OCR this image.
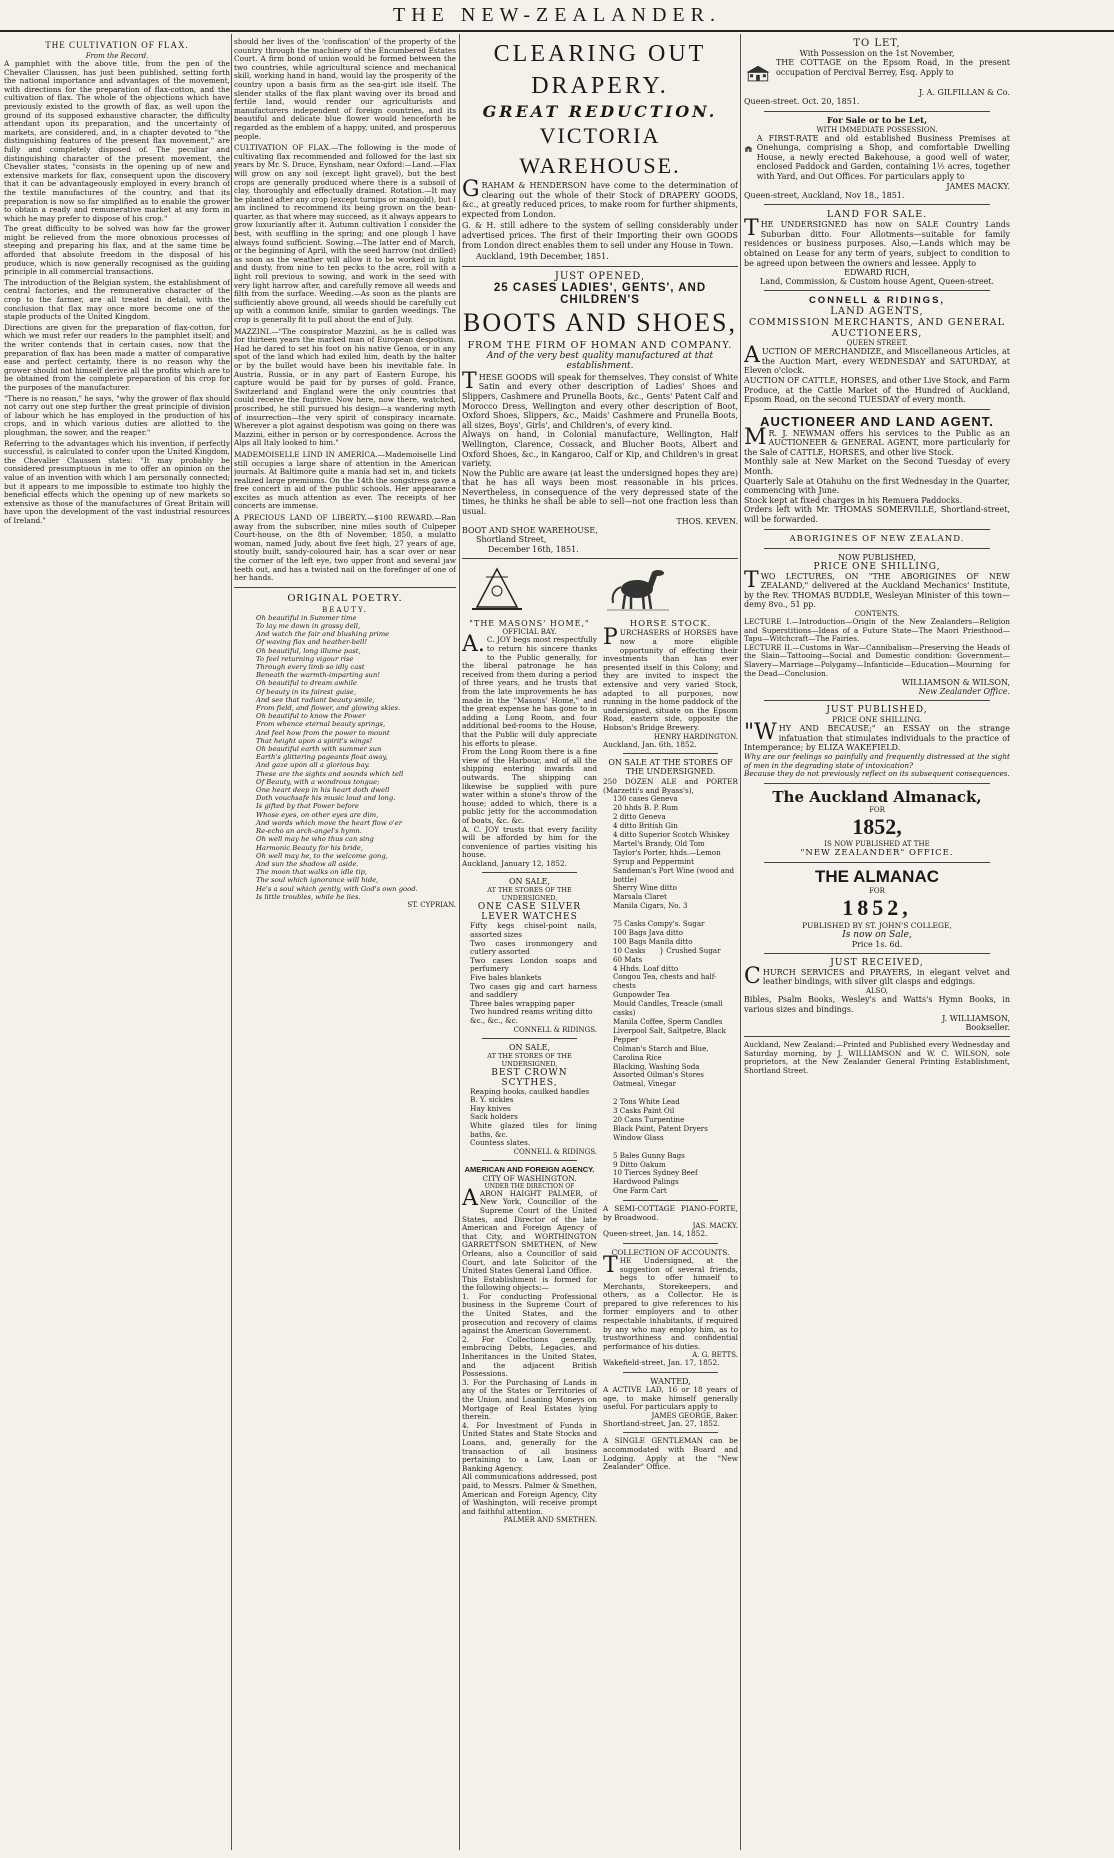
THE NEW-ZEALANDER.
THE CULTIVATION OF FLAX.
From the Record.

A pamphlet with the above title, from the pen of the Chevalier Claussen, has just been published, setting forth the national importance and advantages of the movement, with directions for the preparation of flax-cotton, and the cultivation of flax. The whole of the objections which have previously existed to the growth of flax, as well upon the ground of its supposed exhaustive character, the difficulty attendant upon its preparation, and the uncertainty of markets, are considered, and, in a chapter devoted to "the distinguishing features of the present flax movement," are fully and completely disposed of. The peculiar and distinguishing character of the present movement, the Chevalier states, "consists in the opening up of new and extensive markets for flax, consequent upon the discovery that it can be advantageously employed in every branch of the textile manufactures of the country, and that its preparation is now so far simplified as to enable the grower to obtain a ready and remunerative market at any form in which he may prefer to dispose of his crop."

The great difficulty to be solved was how far the grower might be relieved from the more obnoxious processes of steeping and preparing his flax, and at the same time be afforded that absolute freedom in the disposal of his produce, which is now generally recognised as the guiding principle in all commercial transactions.

The introduction of the Belgian system, the establishment of central factories, and the remunerative character of the crop to the farmer, are all treated in detail, with the conclusion that flax may once more become one of the staple products of the United Kingdom.

Directions are given for the preparation of flax-cotton, for which we must refer our readers to the pamphlet itself; and the writer contends that in certain cases, now that the preparation of flax has been made a matter of comparative ease and perfect certainty, there is no reason why the grower should not himself derive all the profits which are to be obtained from the complete preparation of his crop for the purposes of the manufacturer.

"There is no reason," he says, "why the grower of flax should not carry out one step further the great principle of division of labour which he has employed in the production of his crops, and in which various duties are allotted to the ploughman, the sower, and the reaper."

Referring to the advantages which his invention, if perfectly successful, is calculated to confer upon the United Kingdom, the Chevalier Claussen states: "It may probably be considered presumptuous in me to offer an opinion on the value of an invention with which I am personally connected; but it appears to me impossible to estimate too highly the beneficial effects which the opening up of new markets so extensive as those of the manufactures of Great Britain will have upon the development of the vast industrial resources of Ireland."

should her lives of the 'confiscation' of the property of the country through the machinery of the Encumbered Estates Court. A firm bond of union would be formed between the two countries, while agricultural science and mechanical skill, working hand in hand, would lay the prosperity of the country upon a basis firm as the sea-girt isle itself. The slender stalks of the flax plant waving over its broad and fertile land, would render our agriculturists and manufacturers independent of foreign countries, and its beautiful and delicate blue flower would henceforth be regarded as the emblem of a happy, united, and prosperous people.

CULTIVATION OF FLAX.—The following is the mode of cultivating flax recommended and followed for the last six years by Mr. S. Druce, Eynsham, near Oxford:—Land.—Flax will grow on any soil (except light gravel), but the best crops are generally produced where there is a subsoil of clay, thoroughly and effectually drained. Rotation.—It may be planted after any crop (except turnips or mangold), but I am inclined to recommend its being grown on the bean-quarter, as that where may succeed, as it always appears to grow luxuriantly after it. Autumn cultivation I consider the best, with scuffling in the spring; and one plough I have always found sufficient. Sowing.—The latter end of March, or the beginning of April, with the seed harrow (not drilled) as soon as the weather will allow it to be worked in light and dusty, from nine to ten pecks to the acre, roll with a light roll previous to sowing, and work in the seed with very light harrow after, and carefully remove all weeds and filth from the surface. Weeding.—As soon as the plants are sufficiently above ground, all weeds should be carefully cut up with a common knife, similar to garden weedings. The crop is generally fit to pull about the end of July.

MAZZINI.—"The conspirator Mazzini, as he is called was for thirteen years the marked man of European despotism. Had he dared to set his foot on his native Genoa, or in any spot of the land which had exiled him, death by the halter or by the bullet would have been his inevitable fate. In Austria, Russia, or in any part of Eastern Europe, his capture would be paid for by purses of gold. France, Switzerland and England were the only countries that could receive the fugitive. Now here, now there, watched, proscribed, he still pursued his design—a wandering myth of insurrection—the very spirit of conspiracy incarnate. Wherever a plot against despotism was going on there was Mazzini, either in person or by correspondence. Across the Alps all Italy looked to him."

MADEMOISELLE LIND IN AMERICA.—Mademoiselle Lind still occupies a large share of attention in the American journals. At Baltimore quite a mania had set in, and tickets realized large premiums. On the 14th the songstress gave a free concert in aid of the public schools. Her appearance excites as much attention as ever. The receipts of her concerts are immense.

A PRECIOUS LAND OF LIBERTY.—$100 REWARD.—Ran away from the subscriber, nine miles south of Culpeper Court-house, on the 8th of November, 1850, a mulatto woman, named Judy, about five feet high, 27 years of age, stoutly built, sandy-coloured hair, has a scar over or near the corner of the left eye, two upper front and several jaw teeth out, and has a twisted nail on the forefinger of one of her hands.

ORIGINAL POETRY.
BEAUTY.
Oh beautiful in Summer time
To lay me down in grassy dell,
And watch the fair and blushing prime
Of waving flax and heather-bell!
Oh beautiful, long illume past,
To feel returning vigour rise
Through every limb so idly cast
Beneath the warmth-imparting sun!
Oh beautiful to dream awhile
Of beauty in its fairest guise,
And see that radiant beauty smile,
From field, and flower, and glowing skies.
Oh beautiful to know the Power
From whence eternal beauty springs,
And feel how from the power to mount
That height upon a spirit's wings!
Oh beautiful earth with summer sun
Earth's glittering pageants float away,
And gaze upon all a glorious bay.
These are the sights and sounds which tell
Of Beauty, with a wondrous tongue;
One heart deep in his heart doth dwell
Doth vouchsafe his music loud and long.
Is gifted by that Power before
Whose eyes, on other eyes are dim,
And words which move the heart flow o'er
Re-echo an arch-angel's hymn.
Oh well may he who thus can sing
Harmonic Beauty for his bride,
Oh well may he, to the welcome gong,
And sun the shadow all aside.
The moon that walks on idle tip,
The soul which ignorance will hide,
He's a soul which gently, with God's own good.
Is little troubles, while he lies.
ST. CYPRIAN.
CLEARING OUT DRAPERY.
GREAT REDUCTION.
VICTORIA WAREHOUSE.

GRAHAM & HENDERSON have come to the determination of clearing out the whole of their Stock of DRAPERY GOODS, &c., at greatly reduced prices, to make room for further shipments, expected from London.

G. & H. still adhere to the system of selling considerably under advertised prices. The first of their Importing their own GOODS from London direct enables them to sell under any House in Town.

Auckland, 19th December, 1851.

JUST OPENED,
25 CASES LADIES', GENTS', AND CHILDREN'S
BOOTS AND SHOES,
FROM THE FIRM OF HOMAN AND COMPANY.
And of the very best quality manufactured at that establishment.

THESE GOODS will speak for themselves. They consist of White Satin and every other description of Ladies' Shoes and Slippers, Cashmere and Prunella Boots, &c., Gents' Patent Calf and Morocco Dress, Wellington and every other description of Boot, Oxford Shoes, Slippers, &c., Maids' Cashmere and Prunella Boots, all sizes, Boys', Girls', and Children's, of every kind.

Always on hand, in Colonial manufacture, Wellington, Half Wellington, Clarence, Cossack, and Blucher Boots, Albert and Oxford Shoes, &c., in Kangaroo, Calf or Kip, and Children's in great variety.

Now the Public are aware (at least the undersigned hopes they are) that he has all ways been most reasonable in his prices. Nevertheless, in consequence of the very depressed state of the times, he thinks he shall be able to sell—not one fraction less than usual.

THOS. KEVEN.
BOOT AND SHOE WAREHOUSE,
Shortland Street,
December 16th, 1851.
"THE MASONS' HOME,"
OFFICIAL BAY.

A.C. JOY begs most respectfully to return his sincere thanks to the Public generally, for the liberal patronage he has received from them during a period of three years, and he trusts that from the late improvements he has made in the "Masons' Home," and the great expense he has gone to in adding a Long Room, and four additional bed-rooms to the House, that the Public will duly appreciate his efforts to please.

From the Long Room there is a fine view of the Harbour, and of all the shipping entering inwards and outwards. The shipping can likewise be supplied with pure water within a stone's throw of the house; added to which, there is a public jetty for the accommodation of boats, &c. &c.

A. C. JOY trusts that every facility will be afforded by him for the convenience of parties visiting his house.

Auckland, January 12, 1852.
ON SALE,
AT THE STORES OF THE UNDERSIGNED,
ONE CASE SILVER LEVER WATCHES
Fifty kegs chisel-point nails, assorted sizes
Two cases ironmongery and cutlery assorted
Two cases London soaps and perfumery
Five bales blankets
Two cases gig and cart harness and saddlery
Three bales wrapping paper
Two hundred reams writing ditto
&c., &c., &c.
CONNELL & RIDINGS.
ON SALE,
AT THE STORES OF THE UNDERSIGNED,
BEST CROWN SCYTHES,
Reaping hooks, caulked handles
B. Y. sickles
Hay knives
Sack holders
White glazed tiles for lining baths, &c.
Countess slates.
CONNELL & RIDINGS.
AMERICAN AND FOREIGN AGENCY.
CITY OF WASHINGTON.
UNDER THE DIRECTION OF

AARON HAIGHT PALMER, of New York, Councillor of the Supreme Court of the United States, and Director of the late American and Foreign Agency of that City, and WORTHINGTON GARRETTSON SMETHEN, of New Orleans, also a Councillor of said Court, and late Solicitor of the United States General Land Office.

This Establishment is formed for the following objects:—

1. For conducting Professional business in the Supreme Court of the United States, and the prosecution and recovery of claims against the American Government.

2. For Collections generally, embracing Debts, Legacies, and Inheritances in the United States, and the adjacent British Possessions.

3. For the Purchasing of Lands in any of the States or Territories of the Union, and Loaning Moneys on Mortgage of Real Estates lying therein.

4. For Investment of Funds in United States and State Stocks and Loans, and, generally for the transaction of all business pertaining to a Law, Loan or Banking Agency.

All communications addressed, post paid, to Messrs. Palmer & Smethen, American and Foreign Agency, City of Washington, will receive prompt and faithful attention.

PALMER AND SMETHEN.
HORSE STOCK.

PURCHASERS of HORSES have now a more eligible opportunity of effecting their investments than has ever presented itself in this Colony; and they are invited to inspect the extensive and very varied Stock, adapted to all purposes, now running in the home paddock of the undersigned, situate on the Epsom Road, eastern side, opposite the Hobson's Bridge Brewery.

HENRY HARDINGTON.
Auckland, Jan. 6th, 1852.
ON SALE AT THE STORES OF THE UNDERSIGNED.

250 DOZEN ALE and PORTER (Marzetti's and Byass's),

130 cases Geneva
20 hhds B. P. Rum
2 ditto Geneva
4 ditto British Gin
4 ditto Superior Scotch Whiskey
Martel's Brandy, Old Tom
Taylor's Porter, hhds.—Lemon Syrup and Peppermint
Sandeman's Port Wine (wood and bottle)
Sherry Wine ditto
Marsala Claret
Manila Cigars, No. 3

75 Casks Compy's. Sugar
100 Bags Java ditto
100 Bags Manila ditto
10 Casks } Crushed Sugar
60 Mats
4 Hhds. Loaf ditto
Congou Tea, chests and half-chests
Gunpowder Tea
Mould Candles, Treacle (small casks)
Manila Coffee, Sperm Candles
Liverpool Salt, Saltpetre, Black Pepper
Colman's Starch and Blue, Carolina Rice
Blacking, Washing Soda
Assorted Oilman's Stores
Oatmeal, Vinegar

2 Tons White Lead
3 Casks Paint Oil
20 Cans Turpentine
Black Paint, Patent Dryers
Window Glass

5 Bales Gunny Bags
9 Ditto Oakum
10 Tierces Sydney Beef
Hardwood Palings
One Farm Cart

A SEMI-COTTAGE PIANO-FORTE, by Broadwood.

JAS. MACKY.
Queen-street, Jan. 14, 1852.
COLLECTION OF ACCOUNTS.

THE Undersigned, at the suggestion of several friends, begs to offer himself to Merchants, Storekeepers, and others, as a Collector. He is prepared to give references to his former employers and to other respectable inhabitants, if required by any who may employ him, as to trustworthiness and confidential performance of his duties.

A. G. BETTS.
Wakefield-street, Jan. 17, 1852.
WANTED,

A ACTIVE LAD, 16 or 18 years of age, to make himself generally useful. For particulars apply to

JAMES GEORGE, Baker.
Shortland-street, Jan. 27, 1852.

A SINGLE GENTLEMAN can be accommodated with Board and Lodging. Apply at the "New Zealander" Office.

TO LET,
With Possession on the 1st November,

THE COTTAGE on the Epsom Road, in the present occupation of Percival Berrey, Esq. Apply to

J. A. GILFILLAN & Co.
Queen-street. Oct. 20, 1851.
For Sale or to be Let,
WITH IMMEDIATE POSSESSION.

A FIRST-RATE and old established Business Premises at Onehunga, comprising a Shop, and comfortable Dwelling House, a newly erected Bakehouse, a good well of water, enclosed Paddock and Garden, containing 1½ acres, together with Yard, and Out Offices. For particulars apply to

JAMES MACKY.
Queen-street, Auckland, Nov 18., 1851.
LAND FOR SALE.

THE UNDERSIGNED has now on SALE Country Lands Suburban ditto. Four Allotments—suitable for family residences or business purposes. Also,—Lands which may be obtained on Lease for any term of years, subject to condition to be agreed upon between the owners and lessee. Apply to

EDWARD RICH,
Land, Commission, & Custom house Agent, Queen-street.
CONNELL & RIDINGS,
LAND AGENTS,
COMMISSION MERCHANTS, AND GENERAL AUCTIONEERS,
QUEEN STREET.

AUCTION OF MERCHANDIZE, and Miscellaneous Articles, at the Auction Mart, every WEDNESDAY and SATURDAY, at Eleven o'clock.

AUCTION OF CATTLE, HORSES, and other Live Stock, and Farm Produce, at the Cattle Market of the Hundred of Auckland, Epsom Road, on the second TUESDAY of every month.

AUCTIONEER AND LAND AGENT.

MR. J. NEWMAN offers his services to the Public as an AUCTIONEER & GENERAL AGENT, more particularly for the Sale of CATTLE, HORSES, and other live Stock.

Monthly sale at New Market on the Second Tuesday of every Month.

Quarterly Sale at Otahuhu on the first Wednesday in the Quarter, commencing with June.

Stock kept at fixed charges in his Remuera Paddocks.

Orders left with Mr. THOMAS SOMERVILLE, Shortland-street, will be forwarded.

ABORIGINES OF NEW ZEALAND.
NOW PUBLISHED,
PRICE ONE SHILLING,

TWO LECTURES, ON "THE ABORIGINES OF NEW ZEALAND," delivered at the Auckland Mechanics' Institute, by the Rev. THOMAS BUDDLE, Wesleyan Minister of this town—demy 8vo., 51 pp.

CONTENTS.

LECTURE I.—Introduction—Origin of the New Zealanders—Religion and Superstitions—Ideas of a Future State—The Maori Priesthood—Tapu—Witchcraft—The Fairies.

LECTURE II.—Customs in War—Cannibalism—Preserving the Heads of the Slain—Tattooing—Social and Domestic condition: Government—Slavery—Marriage—Polygamy—Infanticide—Education—Mourning for the Dead—Conclusion.

WILLIAMSON & WILSON,
New Zealander Office.
JUST PUBLISHED,
PRICE ONE SHILLING.

"WHY AND BECAUSE;" an ESSAY on the strange infatuation that stimulates individuals to the practice of Intemperance; by ELIZA WAKEFIELD.

Why are our feelings so painfully and frequently distressed at the sight of men in the degrading state of intoxication?

Because they do not previously reflect on its subsequent consequences.

The Auckland Almanack,
FOR
1852,
IS NOW PUBLISHED AT THE
"NEW ZEALANDER" OFFICE.
THE ALMANAC
FOR
1852,
PUBLISHED BY ST. JOHN'S COLLEGE,
Is now on Sale,
Price 1s. 6d.
JUST RECEIVED,

CHURCH SERVICES and PRAYERS, in elegant velvet and leather bindings, with silver gilt clasps and edgings.

ALSO,

Bibles, Psalm Books, Wesley's and Watts's Hymn Books, in various sizes and bindings.

J. WILLIAMSON,
Bookseller.

Auckland, New Zealand:—Printed and Published every Wednesday and Saturday morning, by J. WILLIAMSON and W. C. WILSON, sole proprietors, at the New Zealander General Printing Establishment, Shortland Street.
